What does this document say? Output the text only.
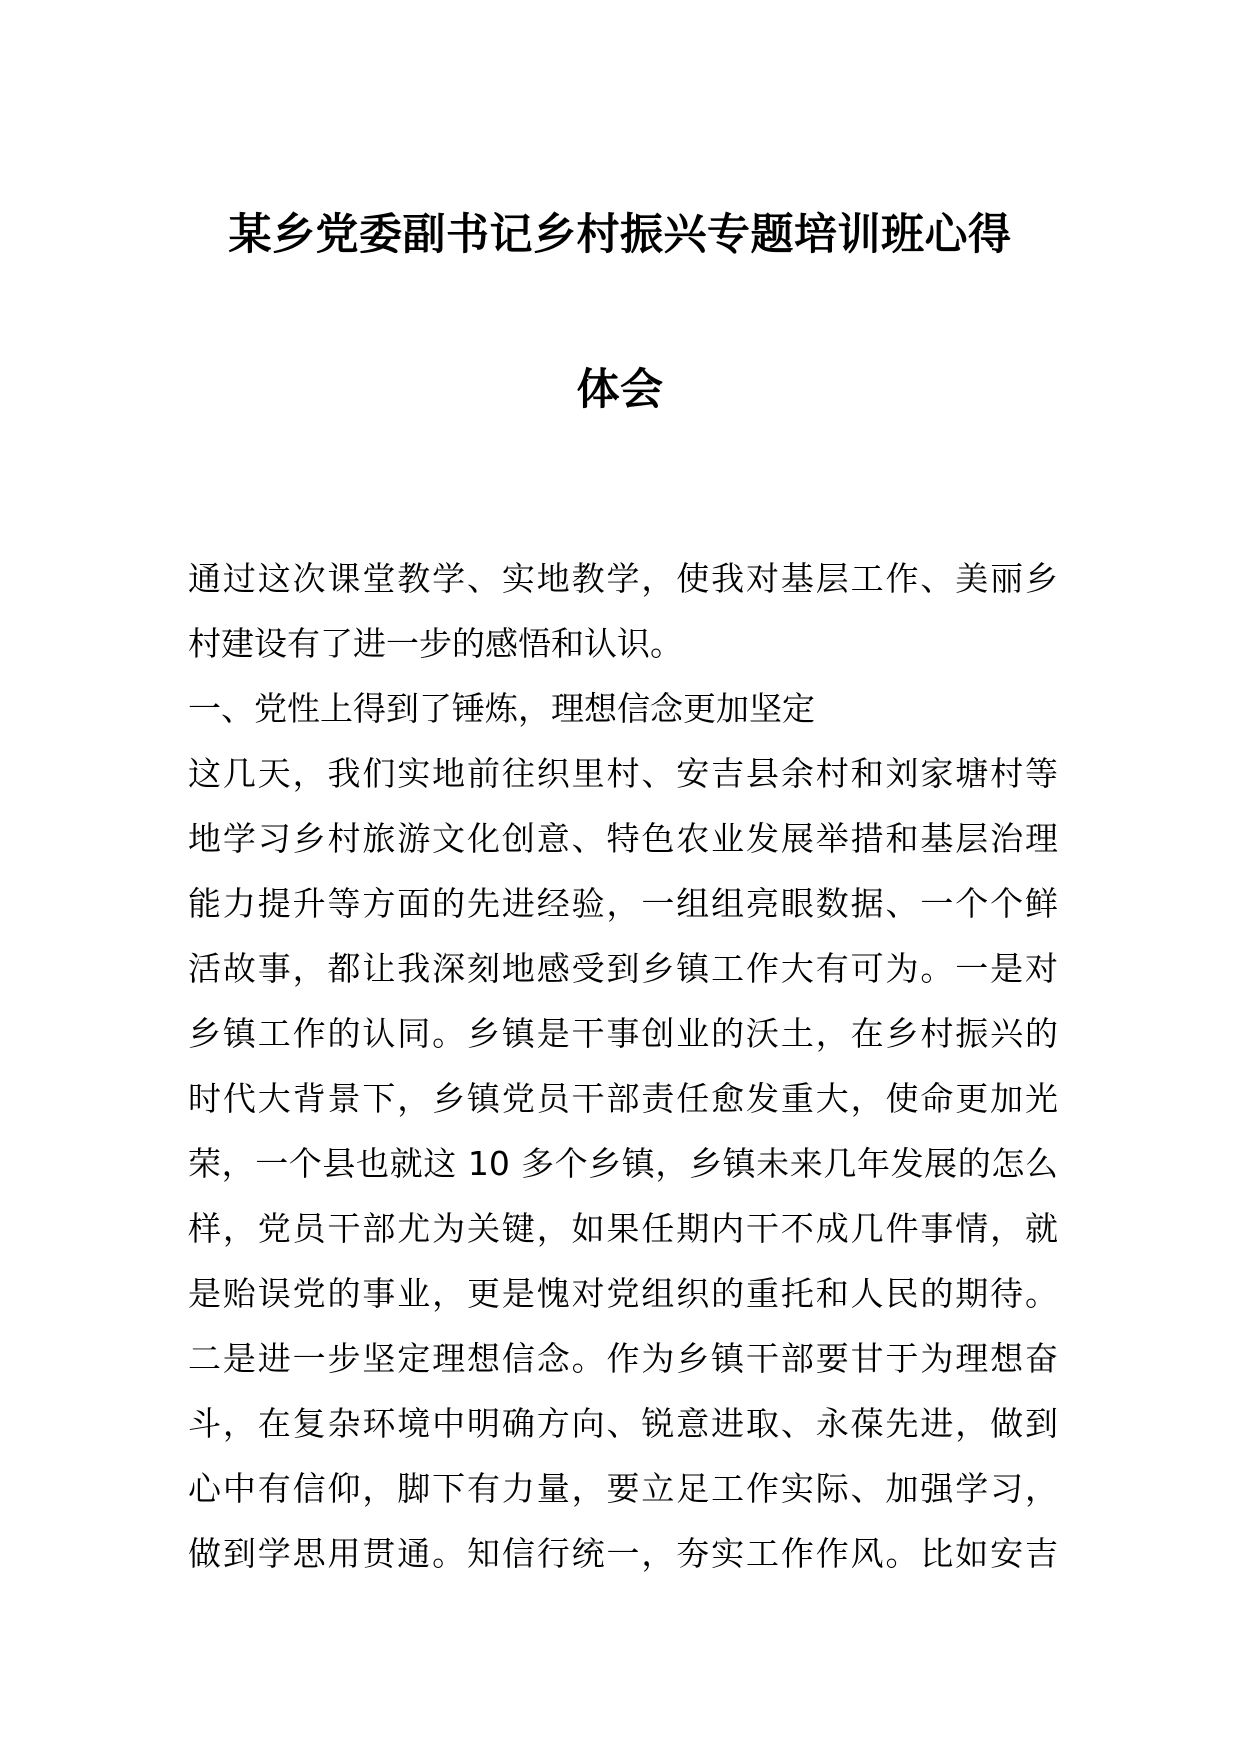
某乡党委副书记乡村振兴专题培训班心得
体会
通过这次课堂教学、实地教学，使我对基层工作、美丽乡
村建设有了进一步的感悟和认识。
一、党性上得到了锤炼，理想信念更加坚定
这几天，我们实地前往织里村、安吉县余村和刘家塘村等
地学习乡村旅游文化创意、特色农业发展举措和基层治理
能力提升等方面的先进经验，一组组亮眼数据、一个个鲜
活故事，都让我深刻地感受到乡镇工作大有可为。一是对
乡镇工作的认同。乡镇是干事创业的沃土，在乡村振兴的
时代大背景下，乡镇党员干部责任愈发重大，使命更加光
荣，一个县也就这 10 多个乡镇，乡镇未来几年发展的怎么
样，党员干部尤为关键，如果任期内干不成几件事情，就
是贻误党的事业，更是愧对党组织的重托和人民的期待。
二是进一步坚定理想信念。作为乡镇干部要甘于为理想奋
斗，在复杂环境中明确方向、锐意进取、永葆先进，做到
心中有信仰，脚下有力量，要立足工作实际、加强学习，
做到学思用贯通。知信行统一，夯实工作作风。比如安吉
